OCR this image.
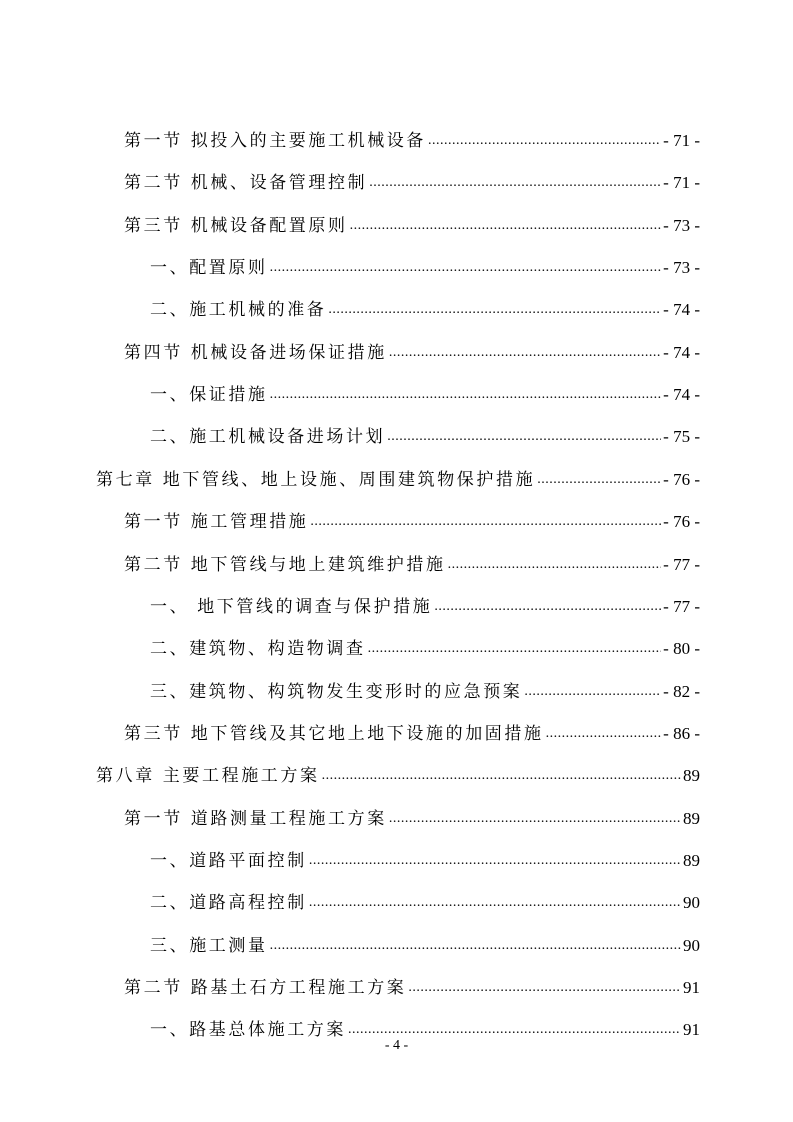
第一节 拟投入的主要施工机械设备 .....	- 71 -
第二节 机械、设备管理控制 .....	- 71 -
第三节 机械设备配置原则 .....	- 73 -
一、配置原则 .....	- 73 -
二、施工机械的准备 .....	- 74 -
第四节 机械设备进场保证措施 .....	- 74 -
一、保证措施 .....	- 74 -
二、施工机械设备进场计划 .....	- 75 -
第七章 地下管线、地上设施、周围建筑物保护措施 .....	- 76 -
第一节 施工管理措施 .....	- 76 -
第二节 地下管线与地上建筑维护措施 .....	- 77 -
一、 地下管线的调查与保护措施 .....	- 77 -
二、建筑物、构造物调查 .....	- 80 -
三、建筑物、构筑物发生变形时的应急预案 .....	- 82 -
第三节 地下管线及其它地上地下设施的加固措施 .....	- 86 -
第八章 主要工程施工方案 .....	89
第一节 道路测量工程施工方案 .....	89
一、道路平面控制 .....	89
二、道路高程控制 .....	90
三、施工测量 .....	90
第二节 路基土石方工程施工方案 .....	91
一、路基总体施工方案 .....	91
- 4 -
